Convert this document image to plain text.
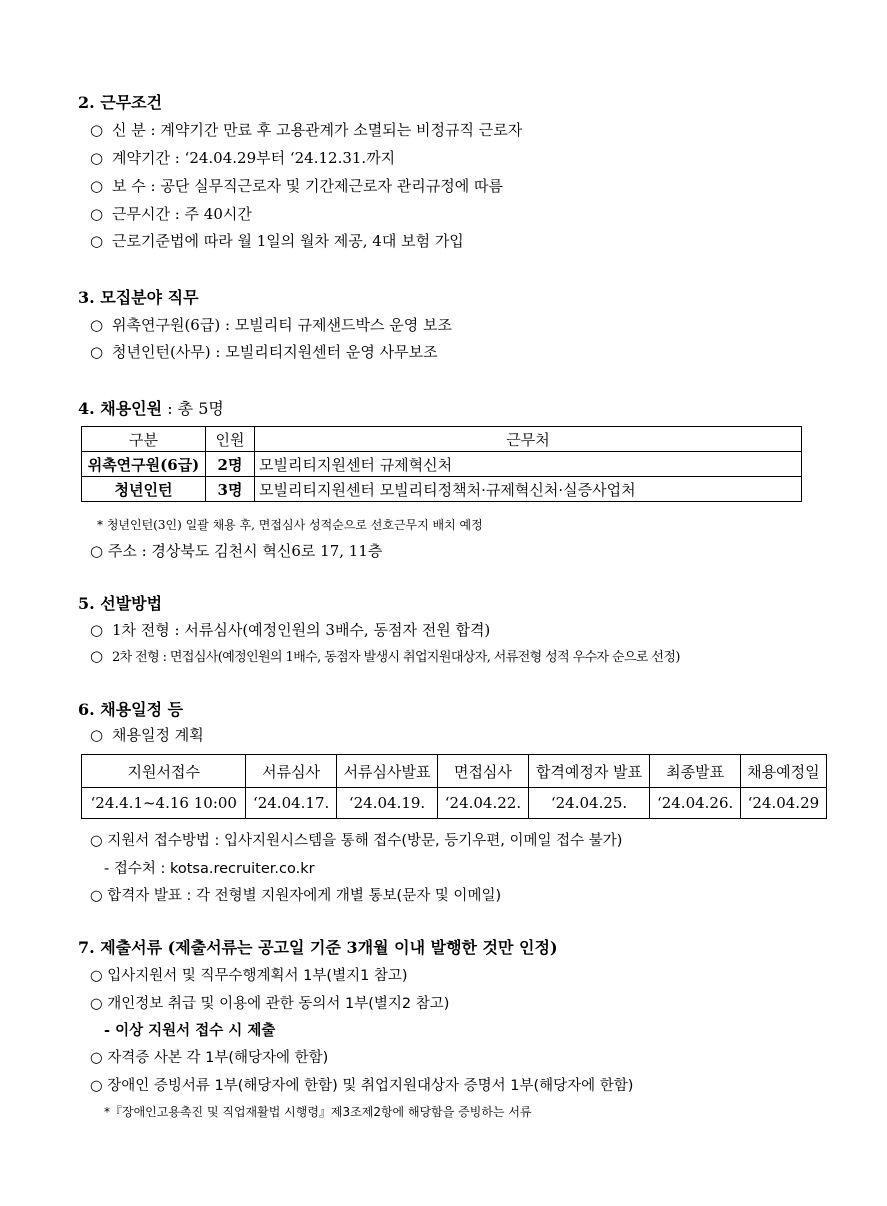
2. 근무조건
○ 신 분 : 계약기간 만료 후 고용관계가 소멸되는 비정규직 근로자
○ 계약기간 : ‘24.04.29부터 ‘24.12.31.까지
○ 보 수 : 공단 실무직근로자 및 기간제근로자 관리규정에 따름
○ 근무시간 : 주 40시간
○ 근로기준법에 따라 월 1일의 월차 제공, 4대 보험 가입
3. 모집분야 직무
○ 위촉연구원(6급) : 모빌리티 규제샌드박스 운영 보조
○ 청년인턴(사무) : 모빌리티지원센터 운영 사무보조
4. 채용인원 : 총 5명
구분	인원	근무처
위촉연구원(6급)	2명	모빌리티지원센터 규제혁신처
청년인턴	3명	모빌리티지원센터 모빌리티정책처·규제혁신처·실증사업처
* 청년인턴(3인) 일괄 채용 후, 면접심사 성적순으로 선호근무지 배치 예정
○ 주소 : 경상북도 김천시 혁신6로 17, 11층
5. 선발방법
○ 1차 전형 : 서류심사(예정인원의 3배수, 동점자 전원 합격)
○ 2차 전형 : 면접심사(예정인원의 1배수, 동점자 발생시 취업지원대상자, 서류전형 성적 우수자 순으로 선정)
6. 채용일정 등
○ 채용일정 계획
지원서접수	서류심사	서류심사발표	면접심사	합격예정자 발표	최종발표	채용예정일
‘24.4.1~4.16 10:00	‘24.04.17.	‘24.04.19.	‘24.04.22.	‘24.04.25.	‘24.04.26.	‘24.04.29
○ 지원서 접수방법 : 입사지원시스템을 통해 접수(방문, 등기우편, 이메일 접수 불가)
- 접수처 : kotsa.recruiter.co.kr
○ 합격자 발표 : 각 전형별 지원자에게 개별 통보(문자 및 이메일)
7. 제출서류 (제출서류는 공고일 기준 3개월 이내 발행한 것만 인정)
○ 입사지원서 및 직무수행계획서 1부(별지1 참고)
○ 개인정보 취급 및 이용에 관한 동의서 1부(별지2 참고)
- 이상 지원서 접수 시 제출
○ 자격증 사본 각 1부(해당자에 한함)
○ 장애인 증빙서류 1부(해당자에 한함) 및 취업지원대상자 증명서 1부(해당자에 한함)
*『장애인고용촉진 및 직업재활법 시행령』제3조제2항에 해당함을 증빙하는 서류
